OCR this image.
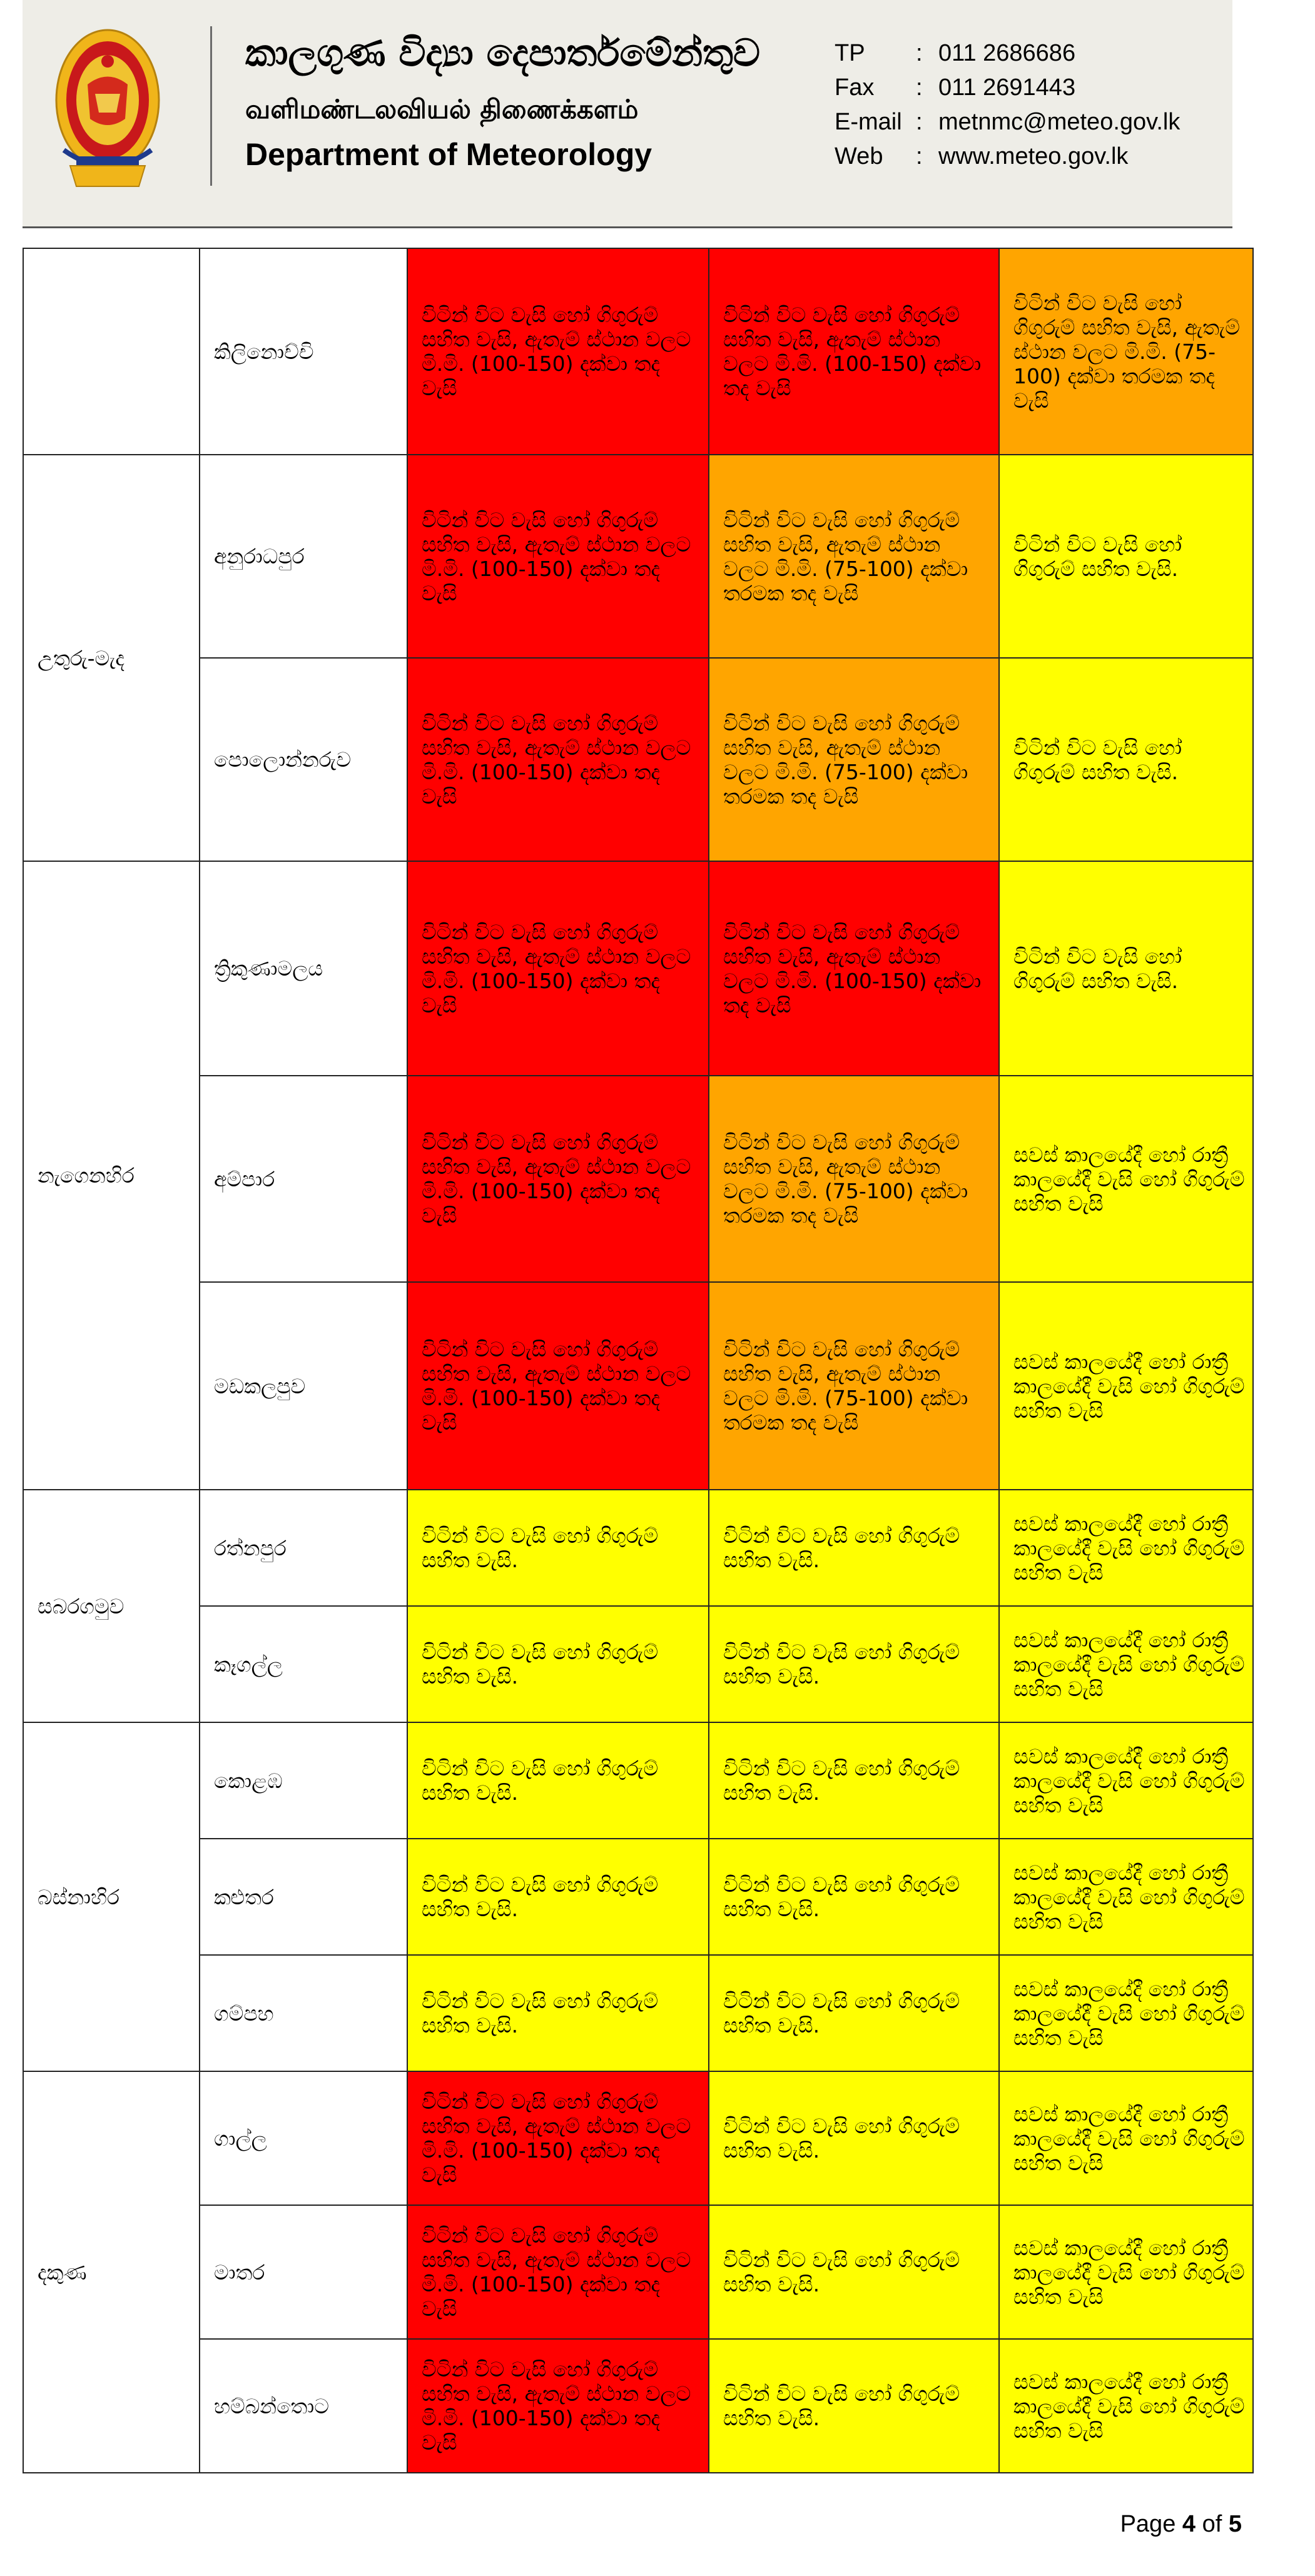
කාලගුණ විද්‍යා දෙපාර්තමේන්තුව
வளிமண்டலவியல் திணைக்களம்
Department of Meteorology
TP : 011 2686686
Fax : 011 2691443
E-mail : metnmc@meteo.gov.lk
Web : www.meteo.gov.lk
	කිලිනොච්චි	විටින් විට වැසි හෝ ගිගුරුම් සහිත වැසි, ඇතැම් ස්ථාන වලට මි.මි. (100-150) දක්වා තද වැසි	විටින් විට වැසි හෝ ගිගුරුම් සහිත වැසි, ඇතැම් ස්ථාන වලට මි.මි. (100-150) දක්වා තද වැසි	විටින් විට වැසි හෝ ගිගුරුම් සහිත වැසි, ඇතැම් ස්ථාන වලට මි.මි. (75-100) දක්වා තරමක තද වැසි

උතුරු-මැද	අනුරාධපුර	විටින් විට වැසි හෝ ගිගුරුම් සහිත වැසි, ඇතැම් ස්ථාන වලට මි.මි. (100-150) දක්වා තද වැසි	විටින් විට වැසි හෝ ගිගුරුම් සහිත වැසි, ඇතැම් ස්ථාන වලට මි.මි. (75-100) දක්වා තරමක තද වැසි	විටින් විට වැසි හෝ ගිගුරුම් සහිත වැසි.

	පොලොන්නරුව	විටින් විට වැසි හෝ ගිගුරුම් සහිත වැසි, ඇතැම් ස්ථාන වලට මි.මි. (100-150) දක්වා තද වැසි	විටින් විට වැසි හෝ ගිගුරුම් සහිත වැසි, ඇතැම් ස්ථාන වලට මි.මි. (75-100) දක්වා තරමක තද වැසි	විටින් විට වැසි හෝ ගිගුරුම් සහිත වැසි.

නැගෙනහිර	ත්‍රිකුණාමලය	විටින් විට වැසි හෝ ගිගුරුම් සහිත වැසි, ඇතැම් ස්ථාන වලට මි.මි. (100-150) දක්වා තද වැසි	විටින් විට වැසි හෝ ගිගුරුම් සහිත වැසි, ඇතැම් ස්ථාන වලට මි.මි. (100-150) දක්වා තද වැසි	විටින් විට වැසි හෝ ගිගුරුම් සහිත වැසි.

	අම්පාර	විටින් විට වැසි හෝ ගිගුරුම් සහිත වැසි, ඇතැම් ස්ථාන වලට මි.මි. (100-150) දක්වා තද වැසි	විටින් විට වැසි හෝ ගිගුරුම් සහිත වැසි, ඇතැම් ස්ථාන වලට මි.මි. (75-100) දක්වා තරමක තද වැසි	සවස් කාලයේදී හෝ රාත්‍රී කාලයේදී වැසි හෝ ගිගුරුම් සහිත වැසි

	මඩකලපුව	විටින් විට වැසි හෝ ගිගුරුම් සහිත වැසි, ඇතැම් ස්ථාන වලට මි.මි. (100-150) දක්වා තද වැසි	විටින් විට වැසි හෝ ගිගුරුම් සහිත වැසි, ඇතැම් ස්ථාන වලට මි.මි. (75-100) දක්වා තරමක තද වැසි	සවස් කාලයේදී හෝ රාත්‍රී කාලයේදී වැසි හෝ ගිගුරුම් සහිත වැසි

සබරගමුව	රත්නපුර	විටින් විට වැසි හෝ ගිගුරුම් සහිත වැසි.	විටින් විට වැසි හෝ ගිගුරුම් සහිත වැසි.	සවස් කාලයේදී හෝ රාත්‍රී කාලයේදී වැසි හෝ ගිගුරුම් සහිත වැසි

	කෑගල්ල	විටින් විට වැසි හෝ ගිගුරුම් සහිත වැසි.	විටින් විට වැසි හෝ ගිගුරුම් සහිත වැසි.	සවස් කාලයේදී හෝ රාත්‍රී කාලයේදී වැසි හෝ ගිගුරුම් සහිත වැසි

බස්නාහිර	කොළඹ	විටින් විට වැසි හෝ ගිගුරුම් සහිත වැසි.	විටින් විට වැසි හෝ ගිගුරුම් සහිත වැසි.	සවස් කාලයේදී හෝ රාත්‍රී කාලයේදී වැසි හෝ ගිගුරුම් සහිත වැසි

	කළුතර	විටින් විට වැසි හෝ ගිගුරුම් සහිත වැසි.	විටින් විට වැසි හෝ ගිගුරුම් සහිත වැසි.	සවස් කාලයේදී හෝ රාත්‍රී කාලයේදී වැසි හෝ ගිගුරුම් සහිත වැසි

	ගම්පහ	විටින් විට වැසි හෝ ගිගුරුම් සහිත වැසි.	විටින් විට වැසි හෝ ගිගුරුම් සහිත වැසි.	සවස් කාලයේදී හෝ රාත්‍රී කාලයේදී වැසි හෝ ගිගුරුම් සහිත වැසි

දකුණ	ගාල්ල	විටින් විට වැසි හෝ ගිගුරුම් සහිත වැසි, ඇතැම් ස්ථාන වලට මි.මි. (100-150) දක්වා තද වැසි	විටින් විට වැසි හෝ ගිගුරුම් සහිත වැසි.	සවස් කාලයේදී හෝ රාත්‍රී කාලයේදී වැසි හෝ ගිගුරුම් සහිත වැසි

	මාතර	විටින් විට වැසි හෝ ගිගුරුම් සහිත වැසි, ඇතැම් ස්ථාන වලට මි.මි. (100-150) දක්වා තද වැසි	විටින් විට වැසි හෝ ගිගුරුම් සහිත වැසි.	සවස් කාලයේදී හෝ රාත්‍රී කාලයේදී වැසි හෝ ගිගුරුම් සහිත වැසි

	හම්බන්තොට	විටින් විට වැසි හෝ ගිගුරුම් සහිත වැසි, ඇතැම් ස්ථාන වලට මි.මි. (100-150) දක්වා තද වැසි	විටින් විට වැසි හෝ ගිගුරුම් සහිත වැසි.	සවස් කාලයේදී හෝ රාත්‍රී කාලයේදී වැසි හෝ ගිගුරුම් සහිත වැසි
Page 4 of 5
